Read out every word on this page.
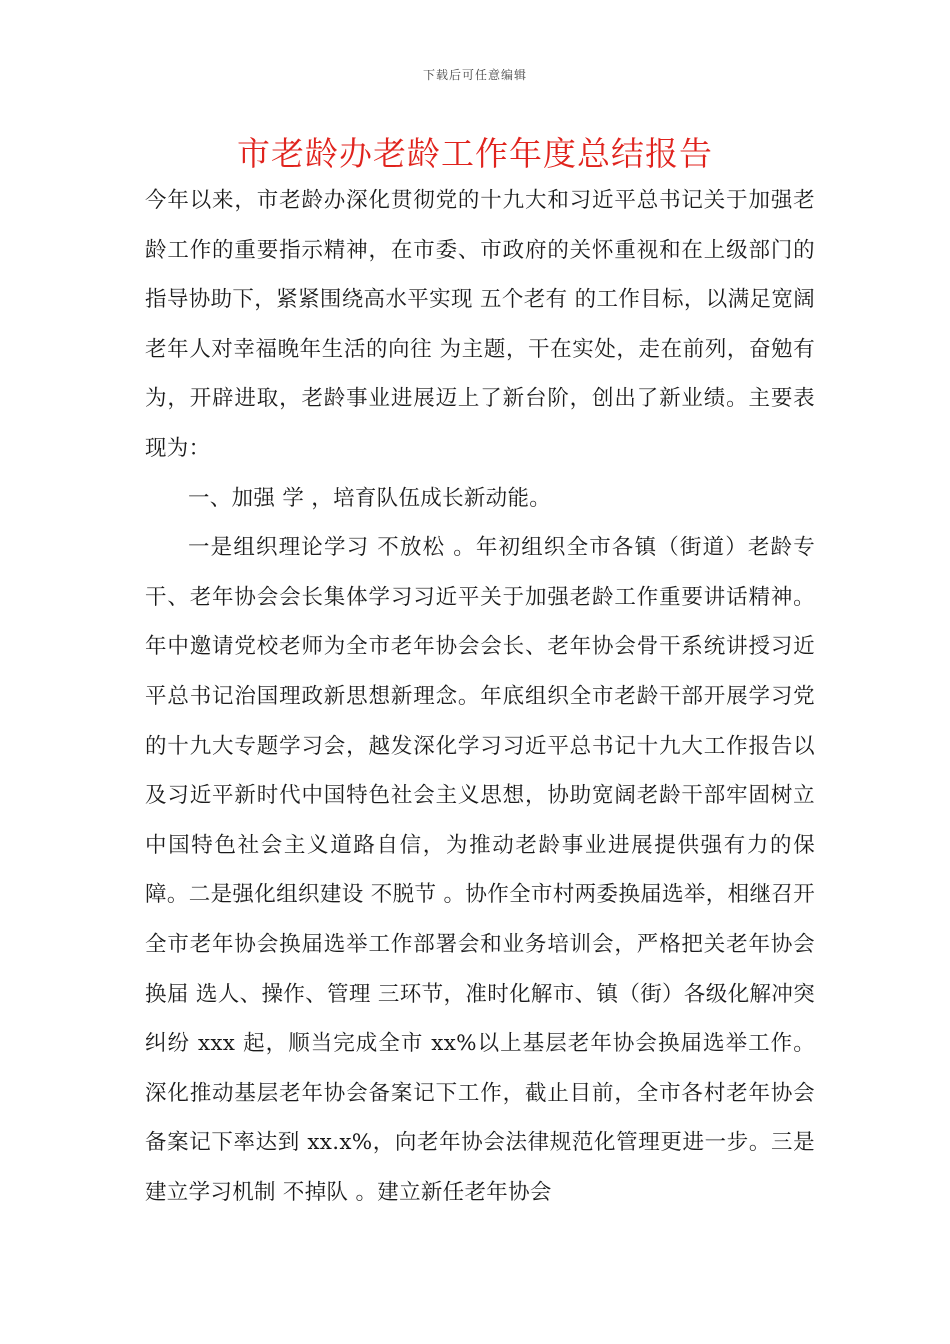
下载后可任意编辑
市老龄办老龄工作年度总结报告

今年以来，市老龄办深化贯彻党的十九大和习近平总书记关于加强老龄工作的重要指示精神，在市委、市政府的关怀重视和在上级部门的指导协助下，紧紧围绕高水平实现 五个老有 的工作目标，以满足宽阔老年人对幸福晚年生活的向往 为主题，干在实处，走在前列，奋勉有为，开辟进取，老龄事业进展迈上了新台阶，创出了新业绩。主要表现为：

一、加强 学 ，培育队伍成长新动能。

一是组织理论学习 不放松 。年初组织全市各镇（街道）老龄专干、老年协会会长集体学习习近平关于加强老龄工作重要讲话精神。年中邀请党校老师为全市老年协会会长、老年协会骨干系统讲授习近平总书记治国理政新思想新理念。年底组织全市老龄干部开展学习党的十九大专题学习会，越发深化学习习近平总书记十九大工作报告以及习近平新时代中国特色社会主义思想，协助宽阔老龄干部牢固树立中国特色社会主义道路自信，为推动老龄事业进展提供强有力的保障。二是强化组织建设 不脱节 。协作全市村两委换届选举，相继召开全市老年协会换届选举工作部署会和业务培训会，严格把关老年协会换届 选人、操作、管理 三环节，准时化解市、镇（街）各级化解冲突纠纷 xxx 起，顺当完成全市 xx%以上基层老年协会换届选举工作。深化推动基层老年协会备案记下工作，截止目前，全市各村老年协会备案记下率达到 xx.x%，向老年协会法律规范化管理更进一步。三是建立学习机制 不掉队 。建立新任老年协会
